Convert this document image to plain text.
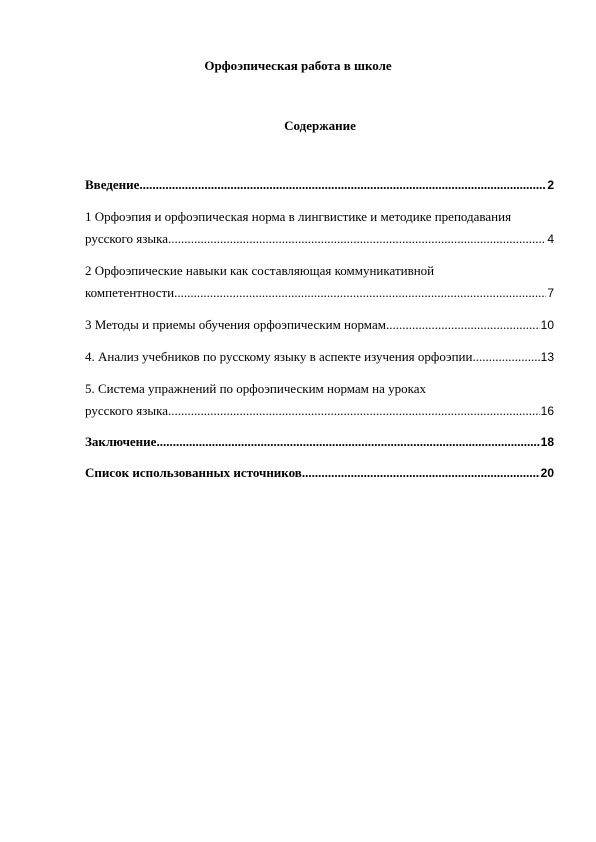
Орфоэпическая работа в школе
Содержание
Введение .....	2
1 Орфоэпия и орфоэпическая норма в лингвистике и методике преподавания
русского языка .....	4
2 Орфоэпические навыки как составляющая коммуникативной
компетентности .....	7
3 Методы и приемы обучения орфоэпическим нормам .....	10
4. Анализ учебников по русскому языку в аспекте изучения орфоэпии .....	13
5. Система упражнений по орфоэпическим нормам на уроках
русского языка .....	16
Заключение .....	18
Список использованных источников .....	20
